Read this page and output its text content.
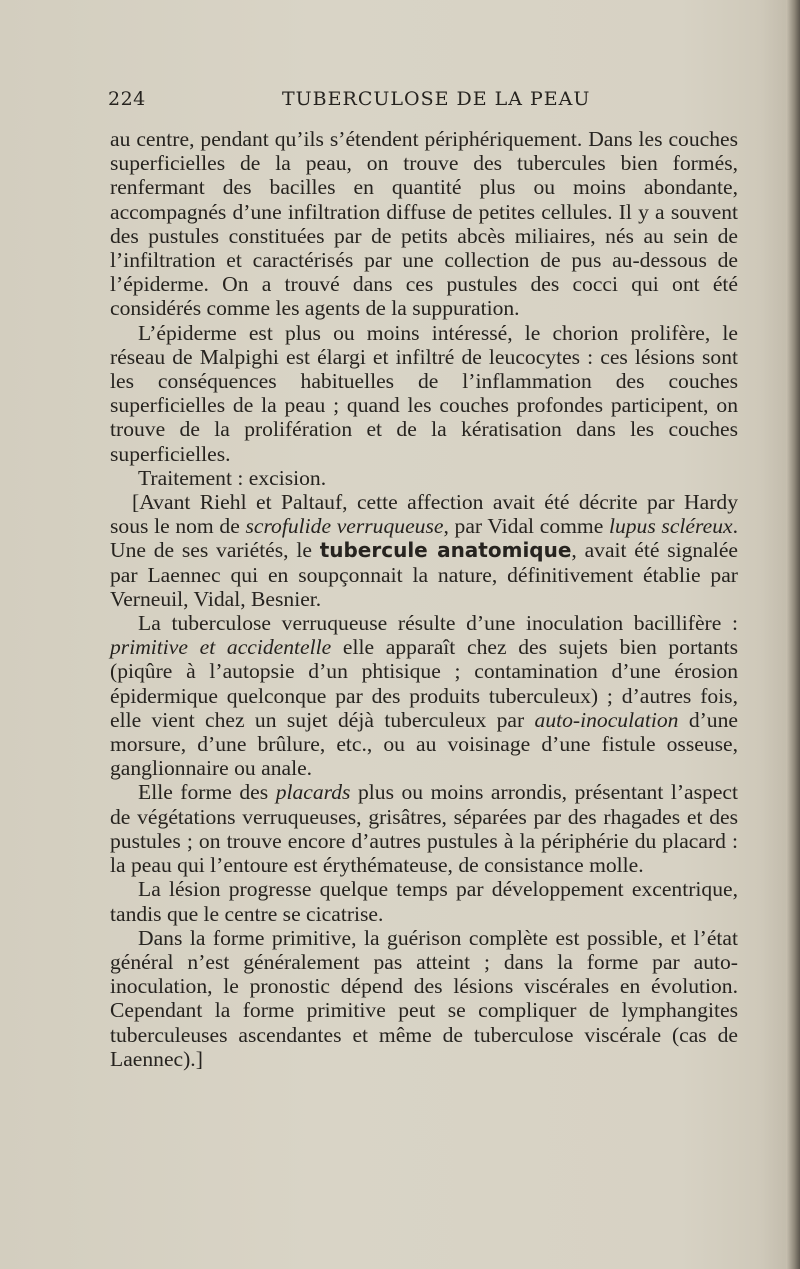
224	TUBERCULOSE DE LA PEAU

au centre, pendant qu’ils s’étendent périphériquement. Dans les couches superficielles de la peau, on trouve des tubercules bien formés, renfermant des bacilles en quantité plus ou moins abondante, accompagnés d’une infiltration diffuse de petites cellules. Il y a souvent des pustules constituées par de petits abcès miliaires, nés au sein de l’infiltration et caractérisés par une collection de pus au-dessous de l’épiderme. On a trouvé dans ces pustules des cocci qui ont été considérés comme les agents de la suppuration.

L’épiderme est plus ou moins intéressé, le chorion prolifère, le réseau de Malpighi est élargi et infiltré de leucocytes : ces lésions sont les conséquences habituelles de l’inflammation des couches superficielles de la peau ; quand les couches profondes participent, on trouve de la prolifération et de la kératisation dans les couches superficielles.

Traitement : excision.

[Avant Riehl et Paltauf, cette affection avait été décrite par Hardy sous le nom de scrofulide verruqueuse, par Vidal comme lupus scléreux. Une de ses variétés, le tubercule anatomique, avait été signalée par Laennec qui en soupçonnait la nature, définitivement établie par Verneuil, Vidal, Besnier.

La tuberculose verruqueuse résulte d’une inoculation bacillifère : primitive et accidentelle elle apparaît chez des sujets bien portants (piqûre à l’autopsie d’un phtisique ; contamination d’une érosion épidermique quelconque par des produits tuberculeux) ; d’autres fois, elle vient chez un sujet déjà tuberculeux par auto-inoculation d’une morsure, d’une brûlure, etc., ou au voisinage d’une fistule osseuse, ganglionnaire ou anale.

Elle forme des placards plus ou moins arrondis, présentant l’aspect de végétations verruqueuses, grisâtres, séparées par des rhagades et des pustules ; on trouve encore d’autres pustules à la périphérie du placard : la peau qui l’entoure est érythémateuse, de consistance molle.

La lésion progresse quelque temps par développement excentrique, tandis que le centre se cicatrise.

Dans la forme primitive, la guérison complète est possible, et l’état général n’est généralement pas atteint ; dans la forme par auto-inoculation, le pronostic dépend des lésions viscérales en évolution. Cependant la forme primitive peut se compliquer de lymphangites tuberculeuses ascendantes et même de tuberculose viscérale (cas de Laennec).]
